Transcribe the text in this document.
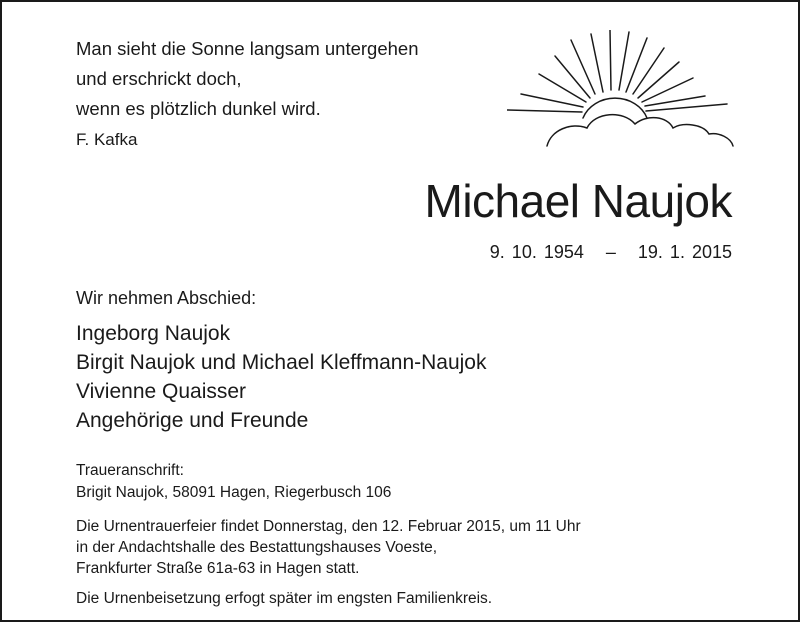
Man sieht die Sonne langsam untergehen
und erschrickt doch,
wenn es plötzlich dunkel wird.
F. Kafka
Michael Naujok
9. 10. 1954 – 19. 1. 2015
Wir nehmen Abschied:
Ingeborg Naujok
Birgit Naujok und Michael Kleffmann-Naujok
Vivienne Quaisser
Angehörige und Freunde
Traueranschrift:
Brigit Naujok, 58091 Hagen, Riegerbusch 106
Die Urnentrauerfeier findet Donnerstag, den 12. Februar 2015, um 11 Uhr
in der Andachtshalle des Bestattungshauses Voeste,
Frankfurter Straße 61a-63 in Hagen statt.
Die Urnenbeisetzung erfogt später im engsten Familienkreis.
